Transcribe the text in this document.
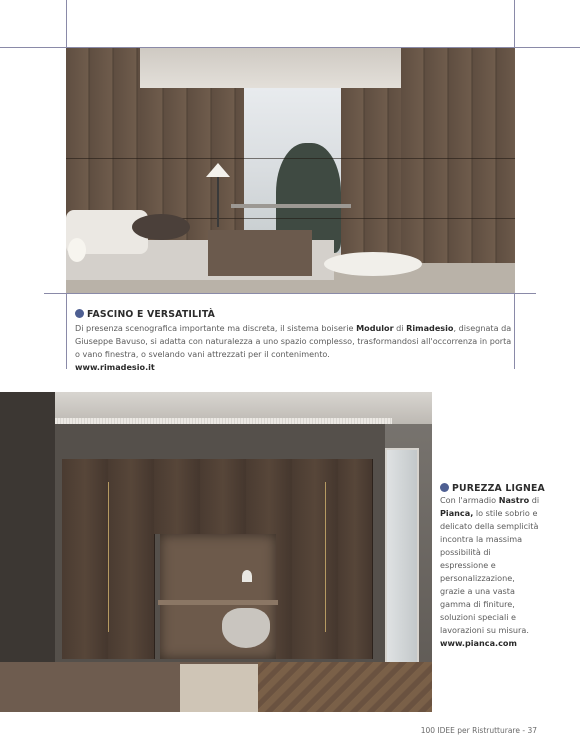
FASCINO E VERSATILITÀ
Di presenza scenografica importante ma discreta, il sistema boiserie Modulor di Rimadesio, disegnata da Giuseppe Bavuso, si adatta con naturalezza a uno spazio complesso, trasformandosi all'occorrenza in porta o vano finestra, o svelando vani attrezzati per il contenimento.
www.rimadesio.it
PUREZZA LIGNEA
Con l'armadio Nastro di Pianca, lo stile sobrio e delicato della semplicità incontra la massima possibilità di espressione e personalizzazione, grazie a una vasta gamma di finiture, soluzioni speciali e lavorazioni su misura.
www.pianca.com
100 IDEE per Ristrutturare - 37
